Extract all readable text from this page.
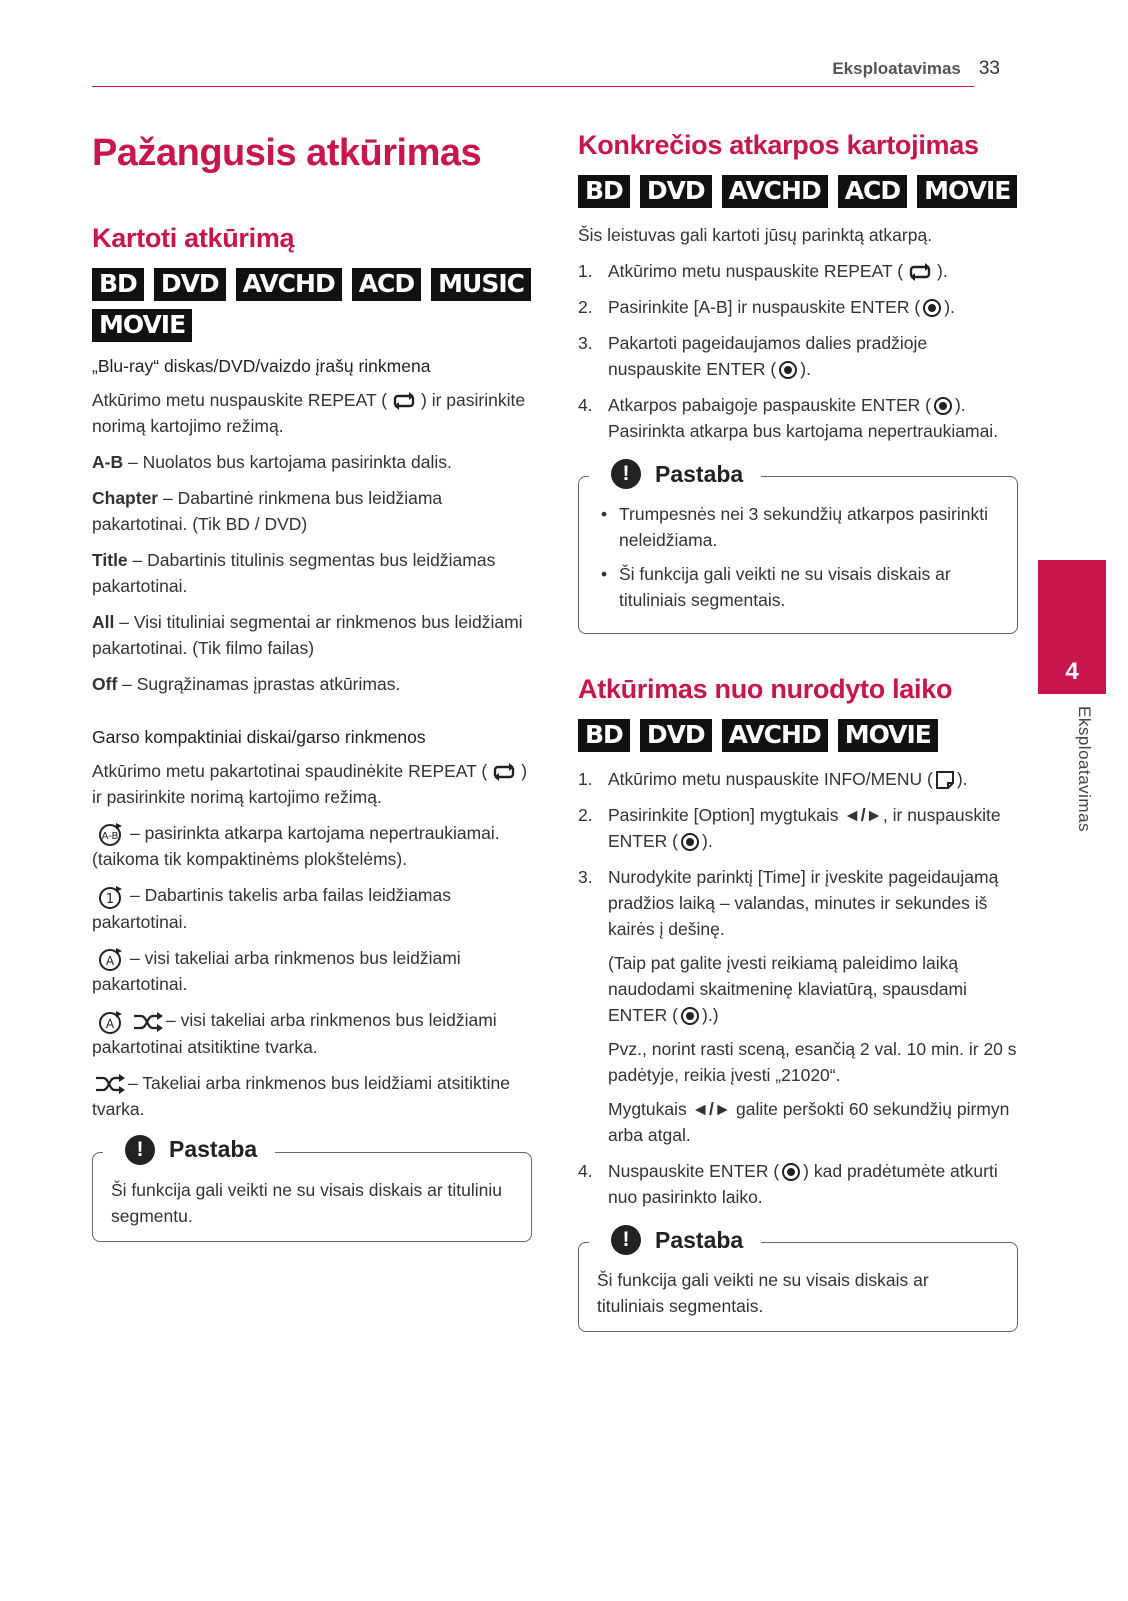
Eksploatavimas 33
Pažangusis atkūrimas
Kartoti atkūrimą
BD DVD AVCHD ACD MUSIC
MOVIE
„Blu-ray“ diskas/DVD/vaizdo įrašų rinkmena

Atkūrimo metu nuspauskite REPEAT ( ) ir pasirinkite norimą kartojimo režimą.

A-B – Nuolatos bus kartojama pasirinkta dalis.

Chapter – Dabartinė rinkmena bus leidžiama pakartotinai. (Tik BD / DVD)

Title – Dabartinis titulinis segmentas bus leidžiamas pakartotinai.

All – Visi tituliniai segmentai ar rinkmenos bus leidžiami pakartotinai. (Tik filmo failas)

Off – Sugrąžinamas įprastas atkūrimas.

Garso kompaktiniai diskai/garso rinkmenos

Atkūrimo metu pakartotinai spaudinėkite REPEAT ( ) ir pasirinkite norimą kartojimo režimą.

A-B – pasirinkta atkarpa kartojama nepertraukiamai. (taikoma tik kompaktinėms plokštelėms).

1 – Dabartinis takelis arba failas leidžiamas pakartotinai.

A – visi takeliai arba rinkmenos bus leidžiami pakartotinai.

A	– visi takeliai arba rinkmenos bus leidžiami pakartotinai atsitiktine tvarka.

– Takeliai arba rinkmenos bus leidžiami atsitiktine tvarka.

!	Pastaba

Ši funkcija gali veikti ne su visais diskais ar tituliniu segmentu.

Konkrečios atkarpos kartojimas
BD DVD AVCHD ACD MOVIE

Šis leistuvas gali kartoti jūsų parinktą atkarpą.

1. Atkūrimo metu nuspauskite REPEAT ( ).
2. Pasirinkite [A-B] ir nuspauskite ENTER ( ).
3. Pakartoti pageidaujamos dalies pradžioje nuspauskite ENTER ( ).
4. Atkarpos pabaigoje paspauskite ENTER ( ). Pasirinkta atkarpa bus kartojama nepertraukiamai.
!	Pastaba
• Trumpesnės nei 3 sekundžių atkarpos pasirinkti neleidžiama.
• Ši funkcija gali veikti ne su visais diskais ar tituliniais segmentais.
Atkūrimas nuo nurodyto laiko
BD DVD AVCHD MOVIE
1. Atkūrimo metu nuspauskite INFO/MENU ( ).
2. Pasirinkite [Option] mygtukais ◄/►, ir nuspauskite ENTER ( ).
3. Nurodykite parinktį [Time] ir įveskite pageidaujamą pradžios laiką – valandas, minutes ir sekundes iš kairės į dešinę.
(Taip pat galite įvesti reikiamą paleidimo laiką naudodami skaitmeninę klaviatūrą, spausdami ENTER ( ).)
Pvz., norint rasti sceną, esančią 2 val. 10 min. ir 20 s padėtyje, reikia įvesti „21020“.
Mygtukais ◄/► galite peršokti 60 sekundžių pirmyn arba atgal.
4. Nuspauskite ENTER ( ) kad pradėtumėte atkurti nuo pasirinkto laiko.
!	Pastaba

Ši funkcija gali veikti ne su visais diskais ar tituliniais segmentais.

4
Eksploatavimas
